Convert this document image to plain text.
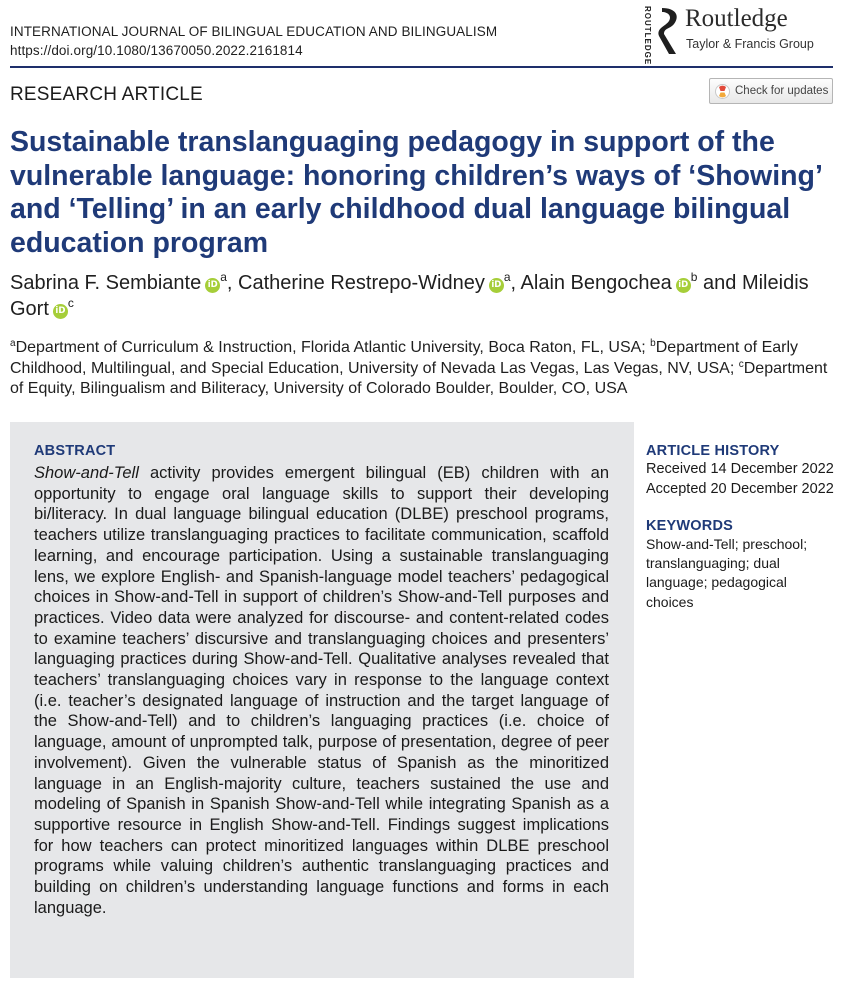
INTERNATIONAL JOURNAL OF BILINGUAL EDUCATION AND BILINGUALISM
https://doi.org/10.1080/13670050.2022.2161814	ROUTLEDGE Routledge
Taylor & Francis Group
RESEARCH ARTICLE	Check for updates
Sustainable translanguaging pedagogy in support of the vulnerable language: honoring children’s ways of ‘Showing’ and ‘Telling’ in an early childhood dual language bilingual education program
Sabrina F. Sembiante $iD^a$, Catherine Restrepo-Widney $iD^a$, Alain Bengochea $iD^b$ and Mileidis Gort $iD^c$
$^a$Department of Curriculum & Instruction, Florida Atlantic University, Boca Raton, FL, USA; $^b$Department of Early Childhood, Multilingual, and Special Education, University of Nevada Las Vegas, Las Vegas, NV, USA; $^c$Department of Equity, Bilingualism and Biliteracy, University of Colorado Boulder, Boulder, CO, USA
ABSTRACT

Show-and-Tell activity provides emergent bilingual (EB) children with an opportunity to engage oral language skills to support their developing bi/literacy. In dual language bilingual education (DLBE) preschool programs, teachers utilize translanguaging practices to facilitate communication, scaffold learning, and encourage participation. Using a sustainable translanguaging lens, we explore English- and Spanish-language model teachers’ pedagogical choices in Show-and-Tell in support of children’s Show-and-Tell purposes and practices. Video data were analyzed for discourse- and content-related codes to examine teachers’ discursive and translanguaging choices and presenters’ languaging practices during Show-and-Tell. Qualitative analyses revealed that teachers’ translanguaging choices vary in response to the language context (i.e. teacher’s designated language of instruction and the target language of the Show-and-Tell) and to children’s languaging practices (i.e. choice of language, amount of unprompted talk, purpose of presentation, degree of peer involvement). Given the vulnerable status of Spanish as the minoritized language in an English-majority culture, teachers sustained the use and modeling of Spanish in Spanish Show-and-Tell while integrating Spanish as a supportive resource in English Show-and-Tell. Findings suggest implications for how teachers can protect minoritized languages within DLBE preschool programs while valuing children’s authentic translanguaging practices and building on children’s understanding language functions and forms in each language.

ARTICLE HISTORY
Received 14 December 2022
Accepted 20 December 2022
KEYWORDS
Show-and-Tell; preschool; translanguaging; dual language; pedagogical choices
